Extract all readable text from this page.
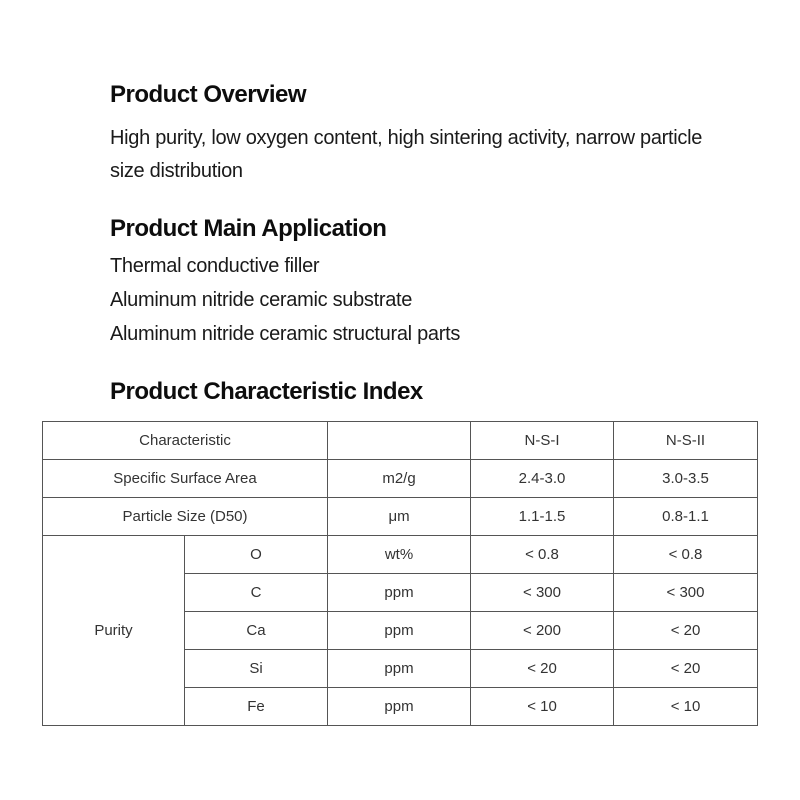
Product Overview

High purity, low oxygen content, high sintering activity, narrow particle

size distribution

Product Main Application
Thermal conductive filler
Aluminum nitride ceramic substrate
Aluminum nitride ceramic structural parts
Product Characteristic Index
Characteristic			N-S-I	N-S-II
Specific Surface Area		m2/g	2.4-3.0	3.0-3.5
Particle Size (D50)		μm	1.1-1.5	0.8-1.1
Purity	O	wt%	< 0.8	< 0.8
	C	ppm	< 300	< 300
	Ca	ppm	< 200	< 20
	Si	ppm	< 20	< 20
	Fe	ppm	< 10	< 10
